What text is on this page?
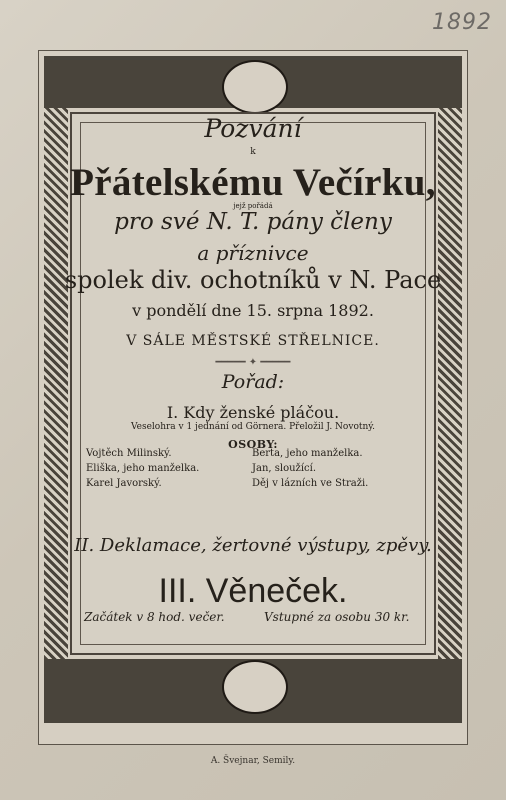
1892
Pozvání
k
Přátelskému Večírku,
jejž pořádá
pro své N. T. pány členy
a příznivce
spolek div. ochotníků v N. Pace
v pondělí dne 15. srpna 1892.
V SÁLE MĚSTSKÉ STŘELNICE.
━━━━━ ✦ ━━━━━
Pořad:
I. Kdy ženské pláčou.
Veselohra v 1 jednání od Görnera. Přeložil J. Novotný.
OSOBY:
Vojtěch Milinský.
Eliška, jeho manželka.
Karel Javorský.
Berta, jeho manželka.
Jan, sloužící.
Děj v lázních ve Straži.
II. Deklamace, žertovné výstupy, zpěvy.
III. Věneček.
Začátek v 8 hod. večer.	Vstupné za osobu 30 kr.
A. Švejnar, Semily.
